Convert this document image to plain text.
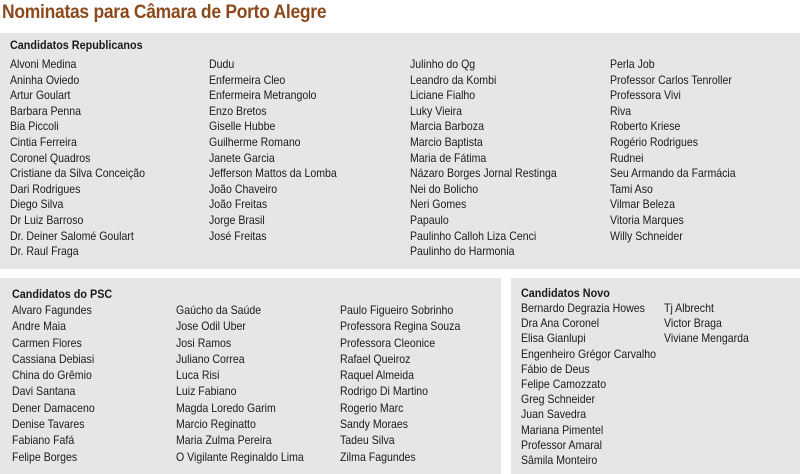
Nominatas para Câmara de Porto Alegre
Candidatos Republicanos
Alvoni Medina
Aninha Oviedo
Artur Goulart
Barbara Penna
Bia Piccoli
Cintia Ferreira
Coronel Quadros
Cristiane da Silva Conceição
Dari Rodrigues
Diego Silva
Dr Luiz Barroso
Dr. Deiner Salomé Goulart
Dr. Raul Fraga
Dudu
Enfermeira Cleo
Enfermeira Metrangolo
Enzo Bretos
Giselle Hubbe
Guilherme Romano
Janete Garcia
Jefferson Mattos da Lomba
João Chaveiro
João Freitas
Jorge Brasil
José Freitas
Julinho do Qg
Leandro da Kombi
Liciane Fialho
Luky Vieira
Marcia Barboza
Marcio Baptista
Maria de Fátima
Názaro Borges Jornal Restinga
Nei do Bolicho
Neri Gomes
Papaulo
Paulinho Calloh Liza Cenci
Paulinho do Harmonia
Perla Job
Professor Carlos Tenroller
Professora Vivi
Riva
Roberto Kriese
Rogério Rodrigues
Rudnei
Seu Armando da Farmácia
Tami Aso
Vilmar Beleza
Vitoria Marques
Willy Schneider
Candidatos do PSC
Alvaro Fagundes
Andre Maia
Carmen Flores
Cassiana Debiasi
China do Grêmio
Davi Santana
Dener Damaceno
Denise Tavares
Fabiano Fafá
Felipe Borges
Gaúcho da Saúde
Jose Odil Uber
Josi Ramos
Juliano Correa
Luca Risi
Luiz Fabiano
Magda Loredo Garim
Marcio Reginatto
Maria Zulma Pereira
O Vigilante Reginaldo Lima
Paulo Figueiro Sobrinho
Professora Regina Souza
Professora Cleonice
Rafael Queiroz
Raquel Almeida
Rodrigo Di Martino
Rogerio Marc
Sandy Moraes
Tadeu Silva
Zilma Fagundes
Candidatos Novo
Bernardo Degrazia Howes
Dra Ana Coronel
Elisa Gianlupi
Engenheiro Grégor Carvalho
Fábio de Deus
Felipe Camozzato
Greg Schneider
Juan Savedra
Mariana Pimentel
Professor Amaral
Sâmila Monteiro
Tj Albrecht
Victor Braga
Viviane Mengarda
